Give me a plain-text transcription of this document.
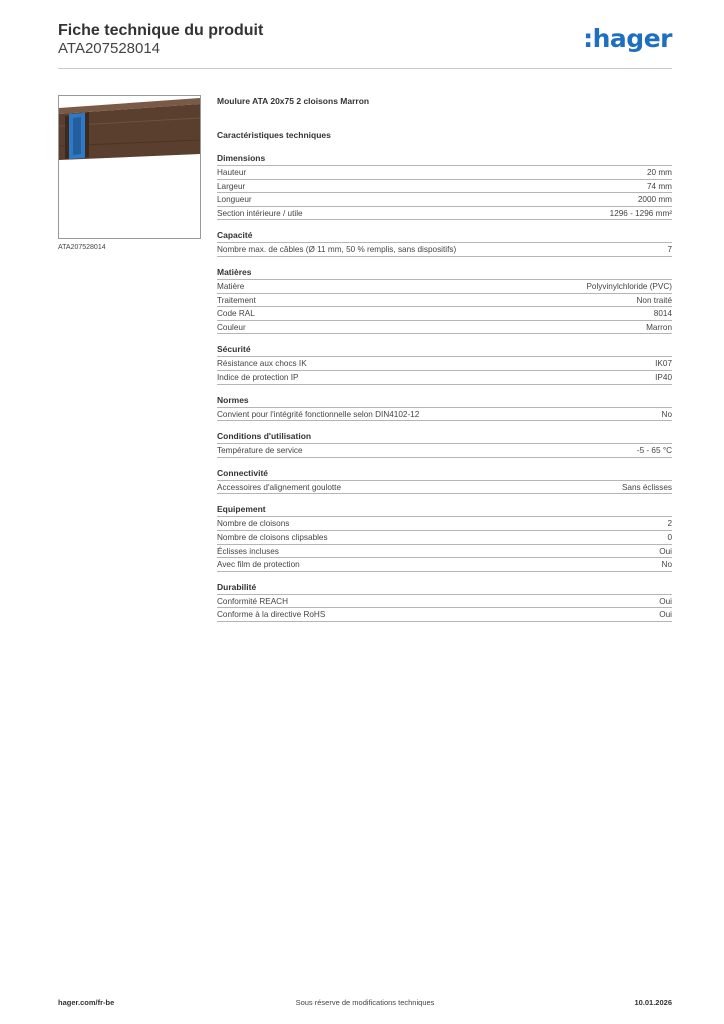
Fiche technique du produit
ATA207528014	:hager
ATA207528014
Moulure ATA 20x75 2 cloisons Marron
Caractéristiques techniques
Dimensions
Hauteur	20 mm
Largeur	74 mm
Longueur	2000 mm
Section intérieure / utile	1296 - 1296 mm²
Capacité
Nombre max. de câbles (Ø 11 mm, 50 % remplis, sans dispositifs)	7
Matières
Matière	Polyvinylchloride (PVC)
Traitement	Non traité
Code RAL	8014
Couleur	Marron
Sécurité
Résistance aux chocs IK	IK07
Indice de protection IP	IP40
Normes
Convient pour l'intégrité fonctionnelle selon DIN4102-12	No
Conditions d'utilisation
Température de service	-5 - 65 °C
Connectivité
Accessoires d'alignement goulotte	Sans éclisses
Equipement
Nombre de cloisons	2
Nombre de cloisons clipsables	0
Éclisses incluses	Oui
Avec film de protection	No
Durabilité
Conformité REACH	Oui
Conforme à la directive RoHS	Oui
Sous réserve de modifications techniques
hager.com/fr-be	10.01.2026
